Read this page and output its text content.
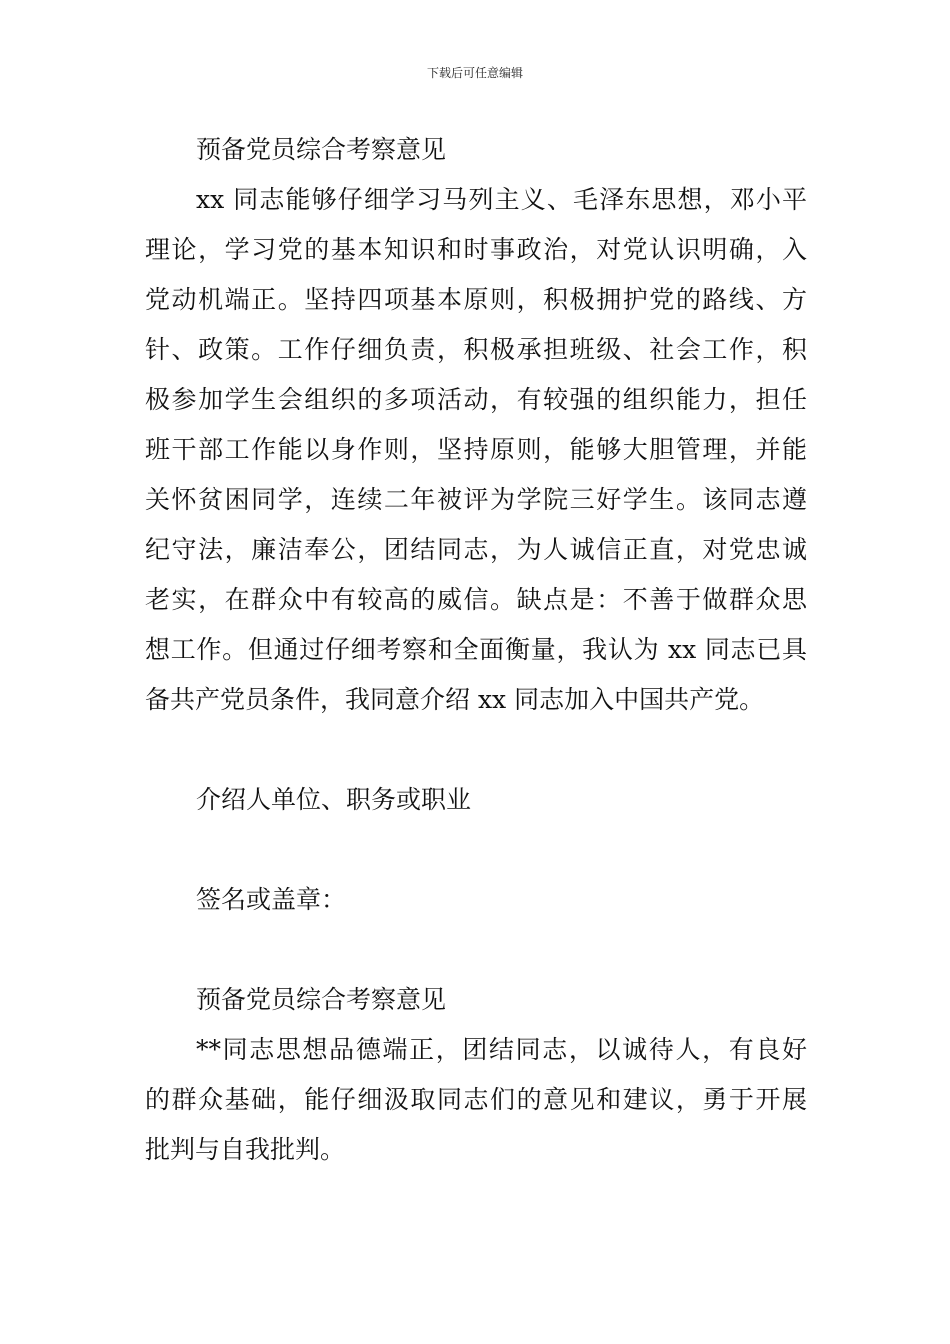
下载后可任意编辑
预备党员综合考察意见
xx 同志能够仔细学习马列主义、毛泽东思想，邓小平
理论，学习党的基本知识和时事政治，对党认识明确，入
党动机端正。坚持四项基本原则，积极拥护党的路线、方
针、政策。工作仔细负责，积极承担班级、社会工作，积
极参加学生会组织的多项活动，有较强的组织能力，担任
班干部工作能以身作则，坚持原则，能够大胆管理，并能
关怀贫困同学，连续二年被评为学院三好学生。该同志遵
纪守法，廉洁奉公，团结同志，为人诚信正直，对党忠诚
老实，在群众中有较高的威信。缺点是：不善于做群众思
想工作。但通过仔细考察和全面衡量，我认为 xx 同志已具
备共产党员条件，我同意介绍 xx 同志加入中国共产党。
介绍人单位、职务或职业
签名或盖章：
预备党员综合考察意见
**同志思想品德端正，团结同志，以诚待人，有良好
的群众基础，能仔细汲取同志们的意见和建议，勇于开展
批判与自我批判。
